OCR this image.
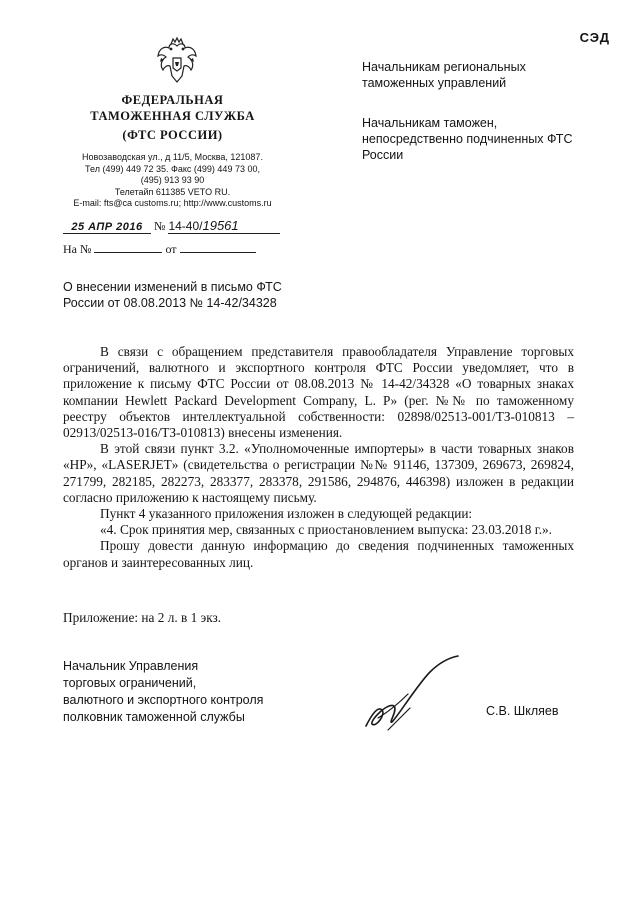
СЭД
ФЕДЕРАЛЬНАЯ
ТАМОЖЕННАЯ СЛУЖБА
(ФТС РОССИИ)
Новозаводская ул., д 11/5, Москва, 121087.
Тел (499) 449 72 35. Факс (499) 449 73 00,
(495) 913 93 90
Телетайп 611385 VETO RU.
E-mail: fts@ca customs.ru; http://www.customs.ru
25 АПР 2016 № 14-40/19561
На №	от
Начальникам региональных таможенных управлений
Начальникам таможен, непосредственно подчиненных ФТС России
О внесении изменений в письмо ФТС России от 08.08.2013 № 14-42/34328

В связи с обращением представителя правообладателя Управление торговых ограничений, валютного и экспортного контроля ФТС России уведомляет, что в приложение к письму ФТС России от 08.08.2013 № 14-42/34328 «О товарных знаках компании Hewlett Packard Development Company, L. P» (рег. №№ по таможенному реестру объектов интеллектуальной собственности: 02898/02513-001/ТЗ-010813 – 02913/02513-016/ТЗ-010813) внесены изменения.

В этой связи пункт 3.2. «Уполномоченные импортеры» в части товарных знаков «HP», «LASERJET» (свидетельства о регистрации №№ 91146, 137309, 269673, 269824, 271799, 282185, 282273, 283377, 283378, 291586, 294876, 446398) изложен в редакции согласно приложению к настоящему письму.

Пункт 4 указанного приложения изложен в следующей редакции:

«4. Срок принятия мер, связанных с приостановлением выпуска: 23.03.2018 г.».

Прошу довести данную информацию до сведения подчиненных таможенных органов и заинтересованных лиц.

Приложение: на 2 л. в 1 экз.
Начальник Управления
торговых ограничений,
валютного и экспортного контроля
полковник таможенной службы	С.В. Шкляев
